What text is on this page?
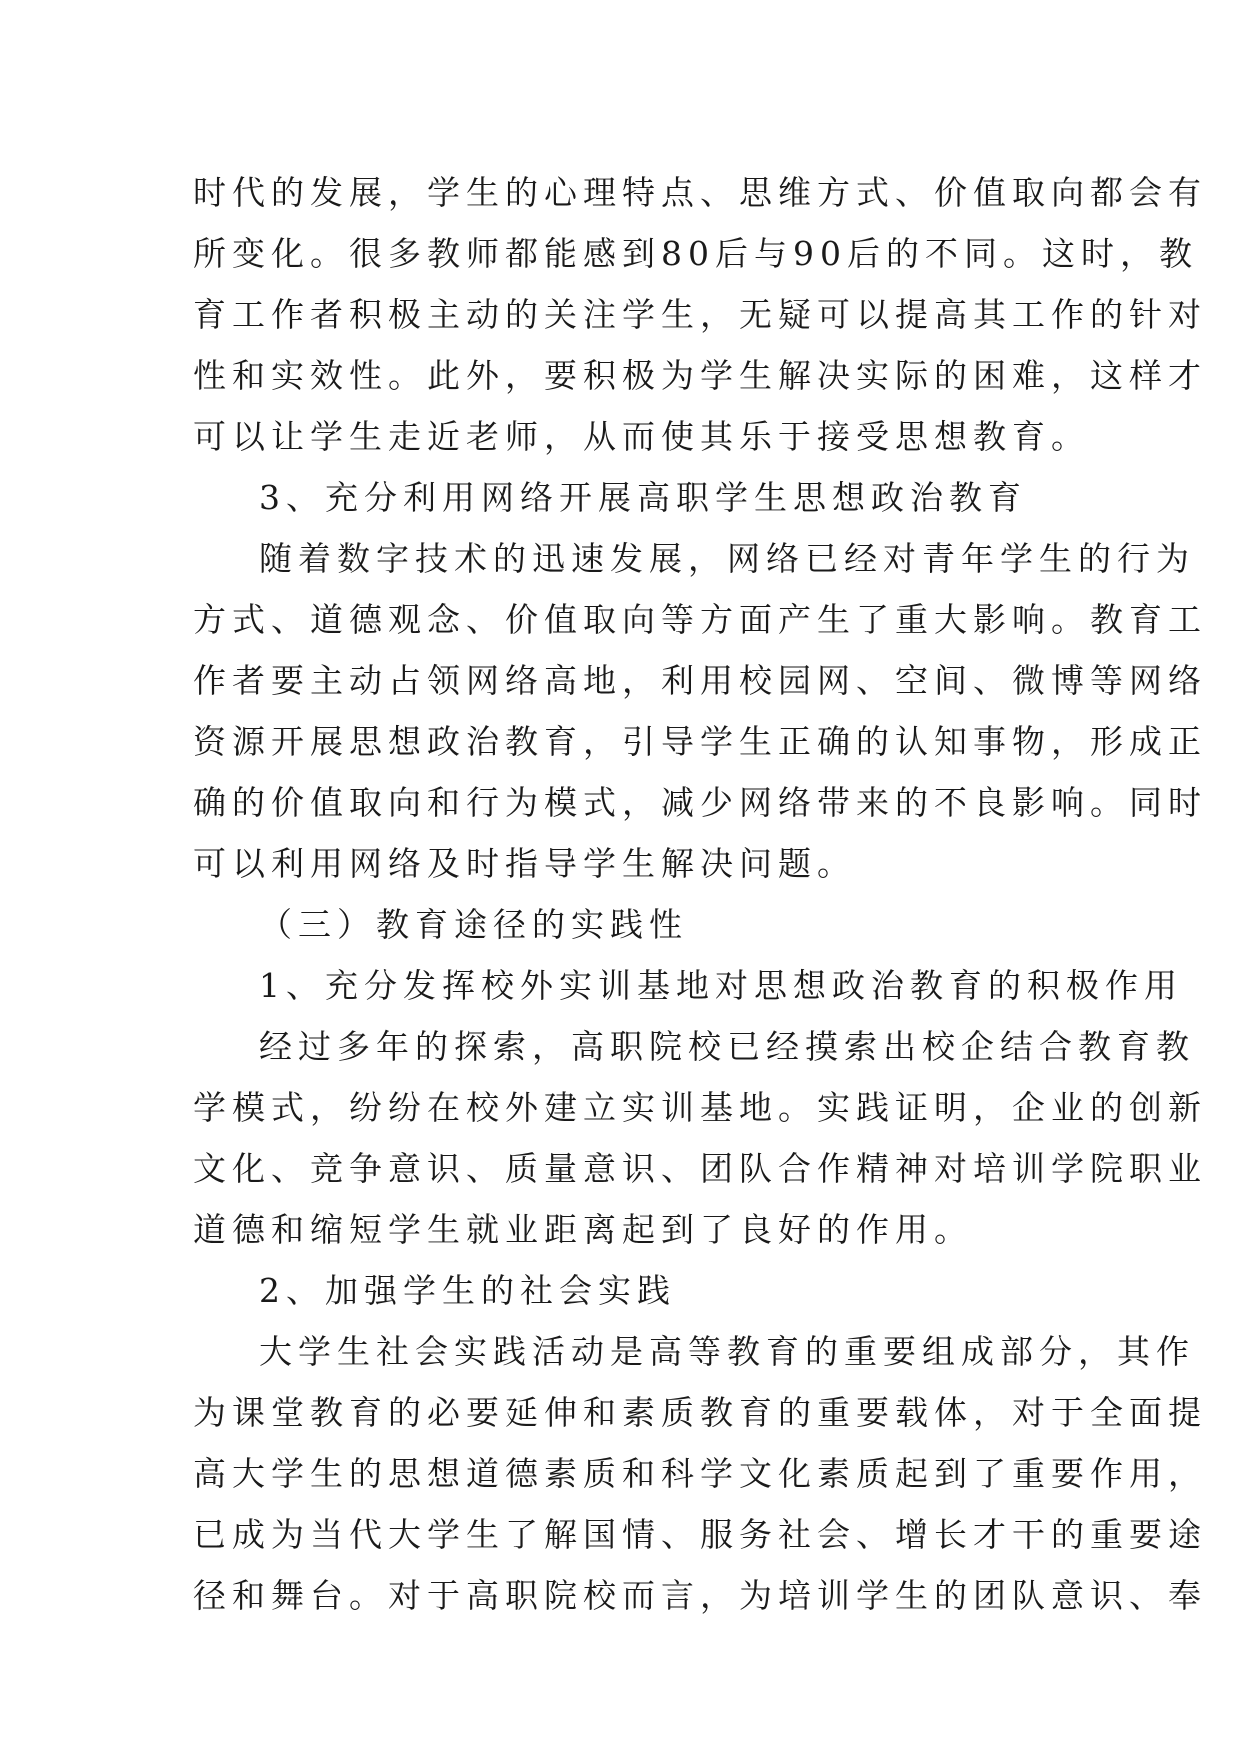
时代的发展，学生的心理特点、思维方式、价值取向都会有
所变化。很多教师都能感到80后与90后的不同。这时，教
育工作者积极主动的关注学生，无疑可以提高其工作的针对
性和实效性。此外，要积极为学生解决实际的困难，这样才
可以让学生走近老师，从而使其乐于接受思想教育。
3、充分利用网络开展高职学生思想政治教育
随着数字技术的迅速发展，网络已经对青年学生的行为
方式、道德观念、价值取向等方面产生了重大影响。教育工
作者要主动占领网络高地，利用校园网、空间、微博等网络
资源开展思想政治教育，引导学生正确的认知事物，形成正
确的价值取向和行为模式，减少网络带来的不良影响。同时
可以利用网络及时指导学生解决问题。
（三）教育途径的实践性
1、充分发挥校外实训基地对思想政治教育的积极作用
经过多年的探索，高职院校已经摸索出校企结合教育教
学模式，纷纷在校外建立实训基地。实践证明，企业的创新
文化、竞争意识、质量意识、团队合作精神对培训学院职业
道德和缩短学生就业距离起到了良好的作用。
2、加强学生的社会实践
大学生社会实践活动是高等教育的重要组成部分，其作
为课堂教育的必要延伸和素质教育的重要载体，对于全面提
高大学生的思想道德素质和科学文化素质起到了重要作用，
已成为当代大学生了解国情、服务社会、增长才干的重要途
径和舞台。对于高职院校而言，为培训学生的团队意识、奉
